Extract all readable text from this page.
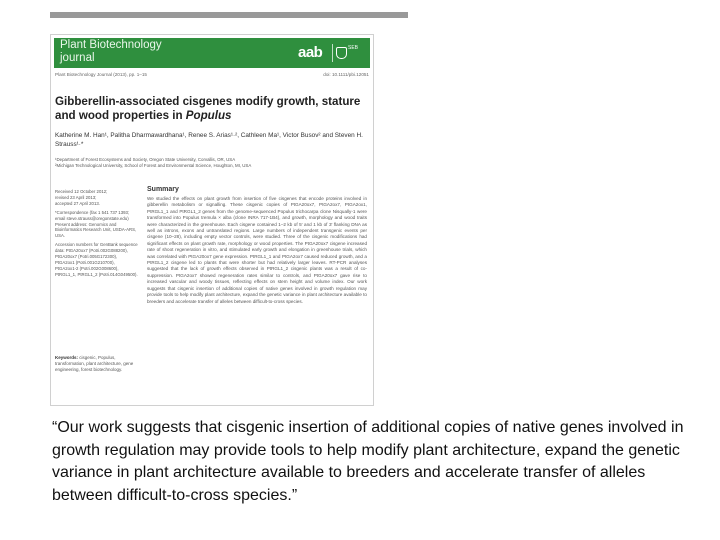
Plant Biotechnology
journal	aab	SEB
Plant Biotechnology Journal (2013), pp. 1–15	doi: 10.1111/pbi.12051
Gibberellin-associated cisgenes modify growth, stature and wood properties in Populus
Katherine M. Han¹, Palitha Dharmawardhana¹, Renee S. Arias¹·², Cathleen Ma¹, Victor Busov² and Steven H. Strauss¹·*
¹Department of Forest Ecosystems and Society, Oregon State University, Corvallis, OR, USA
²Michigan Technological University, School of Forest and Environmental Science, Houghton, MI, USA
Received 12 October 2012;
revised 23 April 2013;
accepted 27 April 2013.
*Correspondence (fax 1 541 737 1393;
email steve.strauss@oregonstate.edu)
Present address: Genomics and
Bioinformatics Research Unit, USDA-ARS,
USA.
Accession numbers for GenBank sequence
data: PtGA20ox7 (Potri.002G088200),
PtGA20ox7 (Potri.005G172300),
PtGA2ox1 (Potri.001G210700),
PtGA2ox1-2 (Potri.002G008600),
PtRGL1_1, PtRGL1_2 (Potri.014G049500).
Keywords: cisgenic, Populus, transformation, plant architecture, gene engineering, forest biotechnology.
Summary
We studied the effects on plant growth from insertion of five cisgenes that encode proteins involved in gibberellin metabolism or signalling. These cisgenic copies of PtGA20ox7, PtGA2ox7, PtGA2ox1, PtRGL1_1 and PtRGL1_2 genes from the genome-sequenced Populus trichocarpa clone Nisqually-1 were transformed into Populus tremula × alba (clone INRA 717-1B4), and growth, morphology and wood traits were characterized in the greenhouse. Each cisgene contained 1–2 kb of 5′ and 1 kb of 3′ flanking DNA as well as introns, exons and untranslated regions. Large numbers of independent transgenic events per cisgene (10–28), including empty vector controls, were studied. Three of the cisgenic modifications had significant effects on plant growth rate, morphology or wood properties. The PtGA20ox7 cisgene increased rate of shoot regeneration in vitro, and stimulated early growth and elongation in greenhouse trials, which was correlated with PtGA20ox7 gene expression. PtRGL1_1 and PtGA2ox7 caused reduced growth, and a PtRGL1_2 cisgene led to plants that were shorter but had relatively larger leaves. RT-PCR analyses suggested that the lack of growth effects observed in PtRGL1_2 cisgenic plants was a result of co-suppression. PtGA2ox7 showed regeneration rates similar to controls, and PtGA20ox7 gave rise to increased vascular and woody tissues, reflecting effects on stem height and volume index. Our work suggests that cisgenic insertion of additional copies of native genes involved in growth regulation may provide tools to help modify plant architecture, expand the genetic variance in plant architecture available to breeders and accelerate transfer of alleles between difficult-to-cross species.
“Our work suggests that cisgenic insertion of additional copies of native genes involved in growth regulation may provide tools to help modify plant architecture, expand the genetic variance in plant architecture available to breeders and accelerate transfer of alleles between difficult-to-cross species.”
